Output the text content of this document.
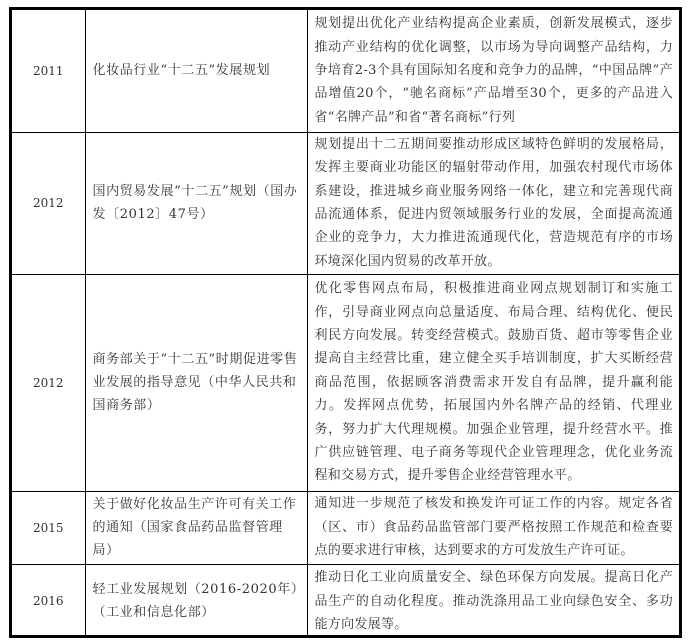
2011	化妆品行业“十二五”发展规划	规划提出优化产业结构提高企业素质，创新发展模式，逐步推动产业结构的优化调整，以市场为导向调整产品结构，力争培育2-3个具有国际知名度和竞争力的品牌，“中国品牌”产品增值20个，“驰名商标”产品增至30个，更多的产品进入省“名牌产品”和省“著名商标”行列
2012	国内贸易发展“十二五”规划（国办发〔2012〕47号）	规划提出十二五期间要推动形成区域特色鲜明的发展格局，发挥主要商业功能区的辐射带动作用，加强农村现代市场体系建设，推进城乡商业服务网络一体化，建立和完善现代商品流通体系，促进内贸领域服务行业的发展，全面提高流通企业的竞争力，大力推进流通现代化，营造规范有序的市场环境深化国内贸易的改革开放。
2012	商务部关于“十二五”时期促进零售业发展的指导意见（中华人民共和国商务部）	优化零售网点布局，积极推进商业网点规划制订和实施工作，引导商业网点向总量适度、布局合理、结构优化、便民利民方向发展。转变经营模式。鼓励百货、超市等零售企业提高自主经营比重，建立健全买手培训制度，扩大买断经营商品范围，依据顾客消费需求开发自有品牌，提升赢利能力。发挥网点优势，拓展国内外名牌产品的经销、代理业务，努力扩大代理规模。加强企业管理，提升经营水平。推广供应链管理、电子商务等现代企业管理理念，优化业务流程和交易方式，提升零售企业经营管理水平。
2015	关于做好化妆品生产许可有关工作的通知（国家食品药品监督管理局）	通知进一步规范了核发和换发许可证工作的内容。规定各省（区、市）食品药品监管部门要严格按照工作规范和检查要点的要求进行审核，达到要求的方可发放生产许可证。
2016	轻工业发展规划（2016-2020年）（工业和信息化部）	推动日化工业向质量安全、绿色环保方向发展。提高日化产品生产的自动化程度。推动洗涤用品工业向绿色安全、多功能方向发展等。
